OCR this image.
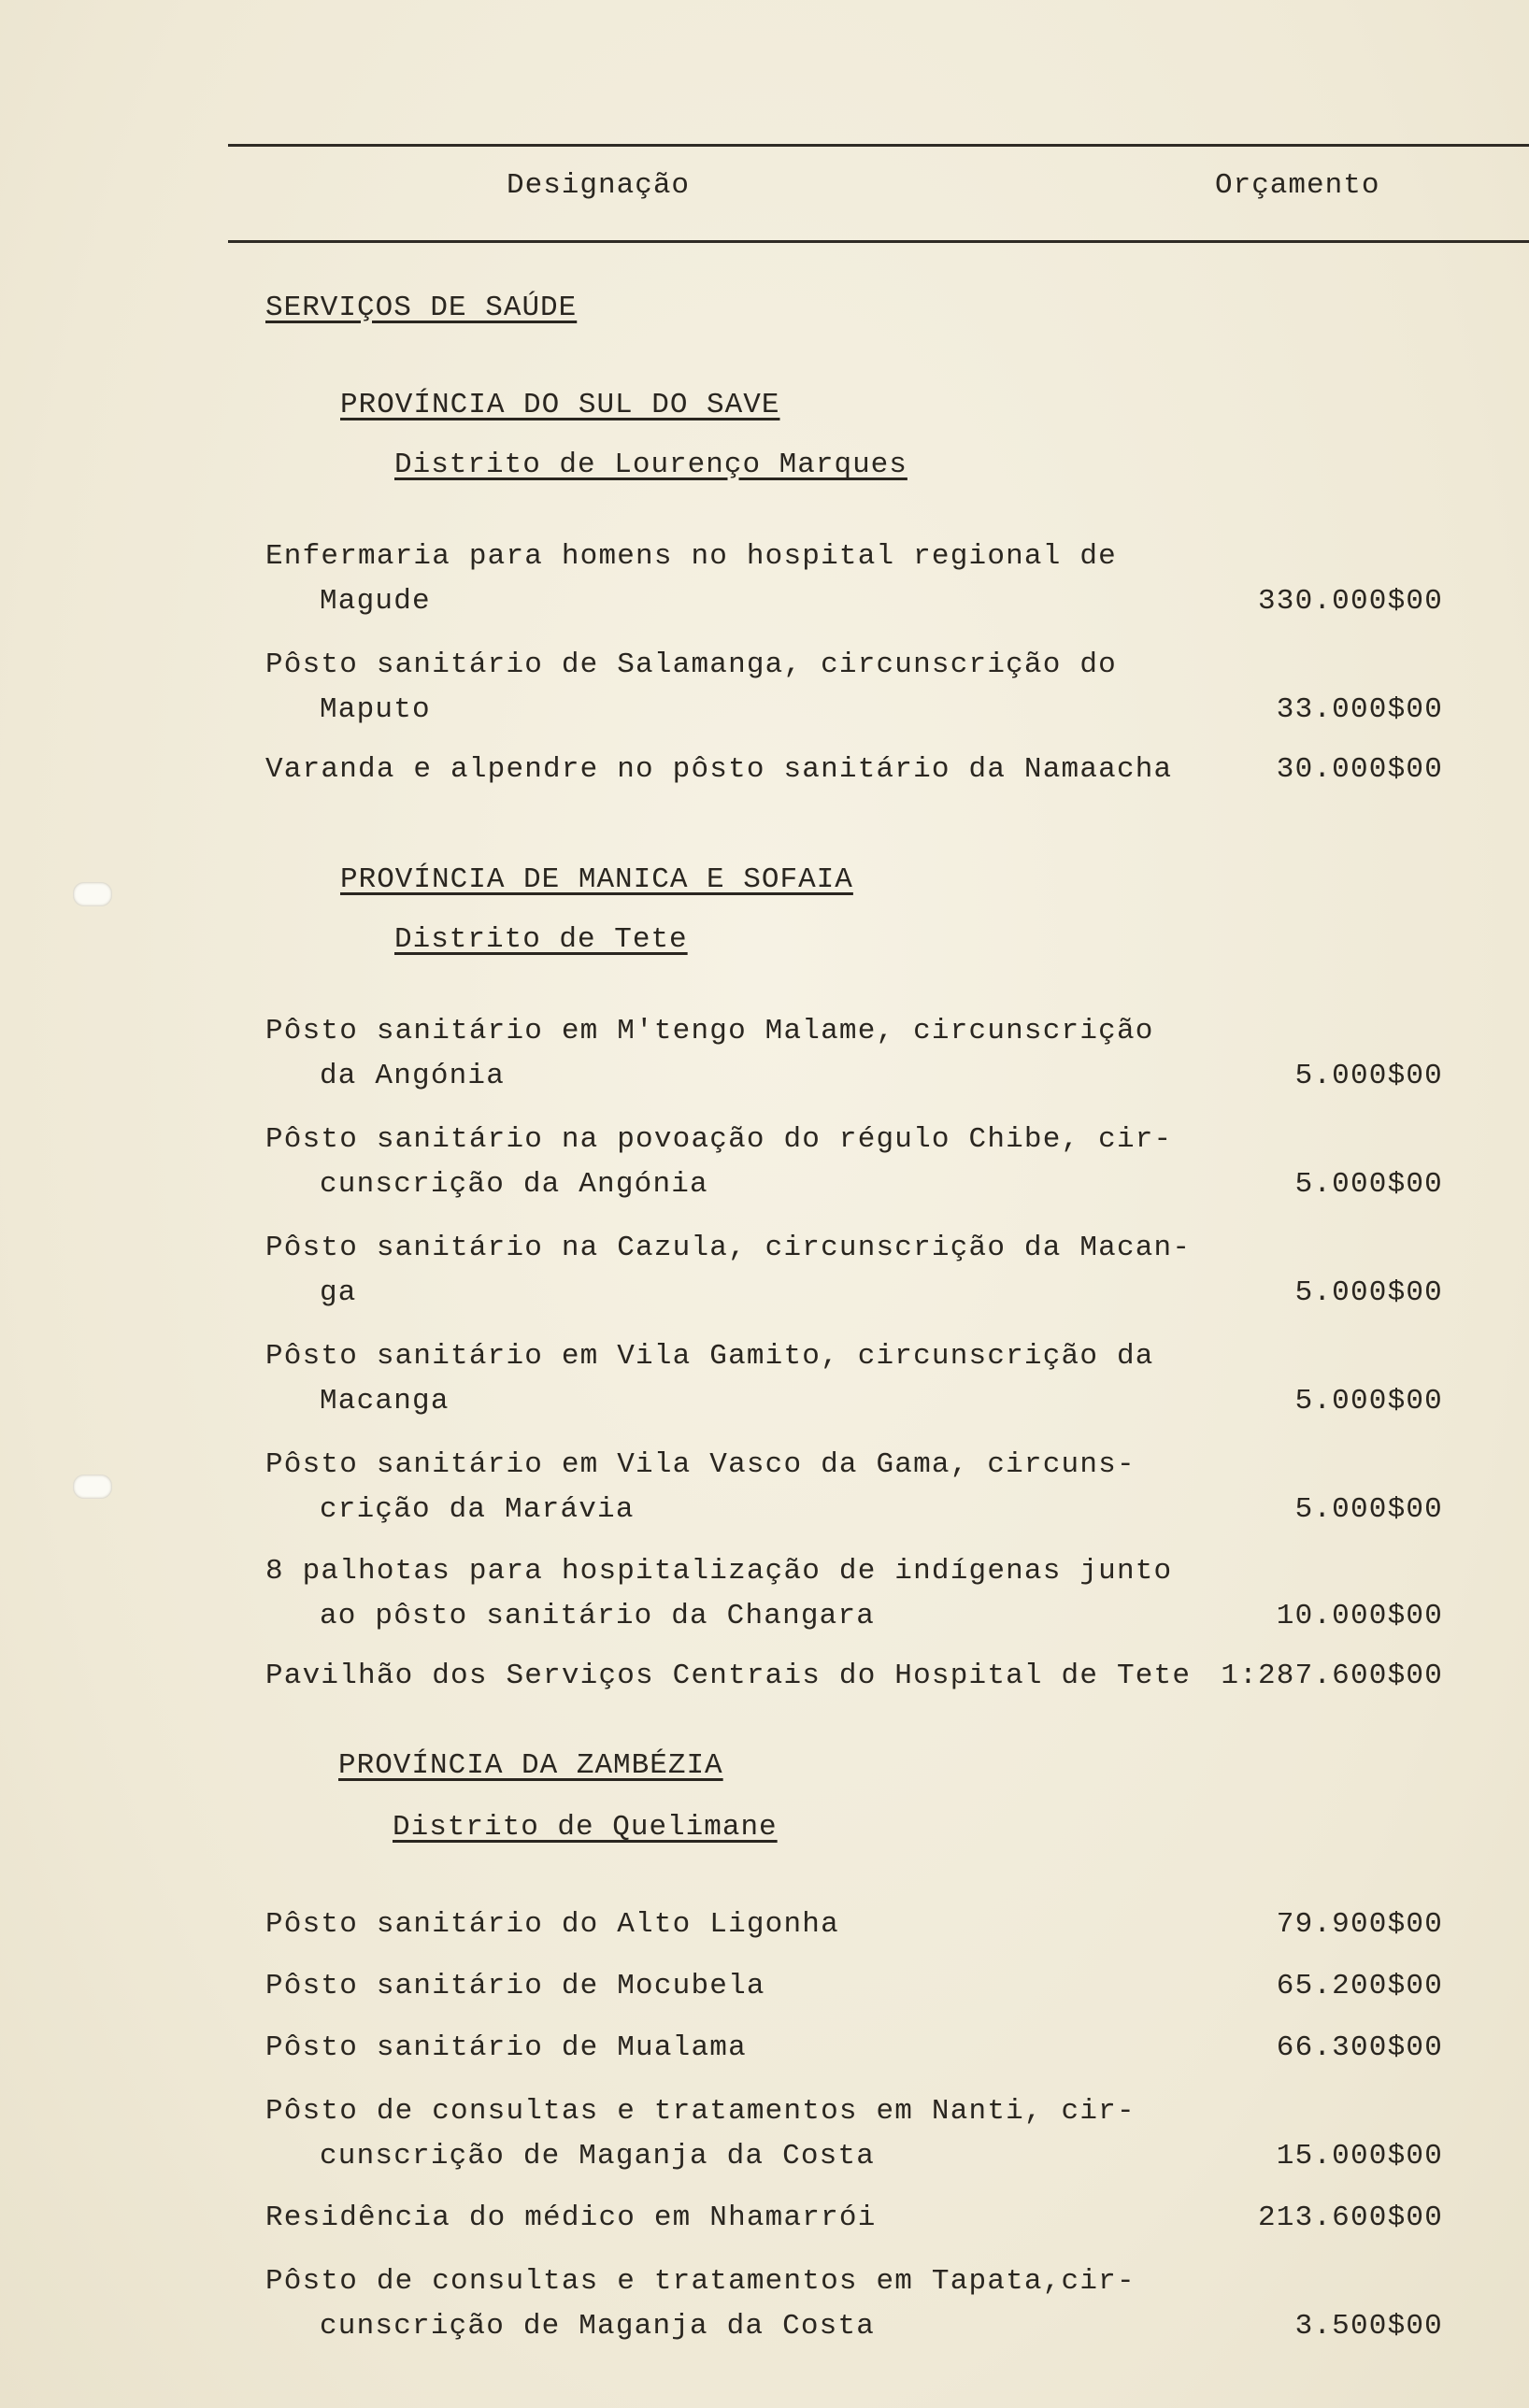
Designação	Orçamento
SERVIÇOS DE SAÚDE
PROVÍNCIA DO SUL DO SAVE
Distrito de Lourenço Marques
Enfermaria para homens no hospital regional de
Magude	330.000$00
Pôsto sanitário de Salamanga, circunscrição do
Maputo	33.000$00
Varanda e alpendre no pôsto sanitário da Namaacha	30.000$00
PROVÍNCIA DE MANICA E SOFAIA
Distrito de Tete
Pôsto sanitário em M'tengo Malame, circunscrição
da Angónia	5.000$00
Pôsto sanitário na povoação do régulo Chibe, cir-
cunscrição da Angónia	5.000$00
Pôsto sanitário na Cazula, circunscrição da Macan-
ga	5.000$00
Pôsto sanitário em Vila Gamito, circunscrição da
Macanga	5.000$00
Pôsto sanitário em Vila Vasco da Gama, circuns-
crição da Marávia	5.000$00
8 palhotas para hospitalização de indígenas junto
ao pôsto sanitário da Changara	10.000$00
Pavilhão dos Serviços Centrais do Hospital de Tete	1:287.600$00
PROVÍNCIA DA ZAMBÉZIA
Distrito de Quelimane
Pôsto sanitário do Alto Ligonha	79.900$00
Pôsto sanitário de Mocubela	65.200$00
Pôsto sanitário de Mualama	66.300$00
Pôsto de consultas e tratamentos em Nanti, cir-
cunscrição de Maganja da Costa	15.000$00
Residência do médico em Nhamarrói	213.600$00
Pôsto de consultas e tratamentos em Tapata,cir-
cunscrição de Maganja da Costa	3.500$00
